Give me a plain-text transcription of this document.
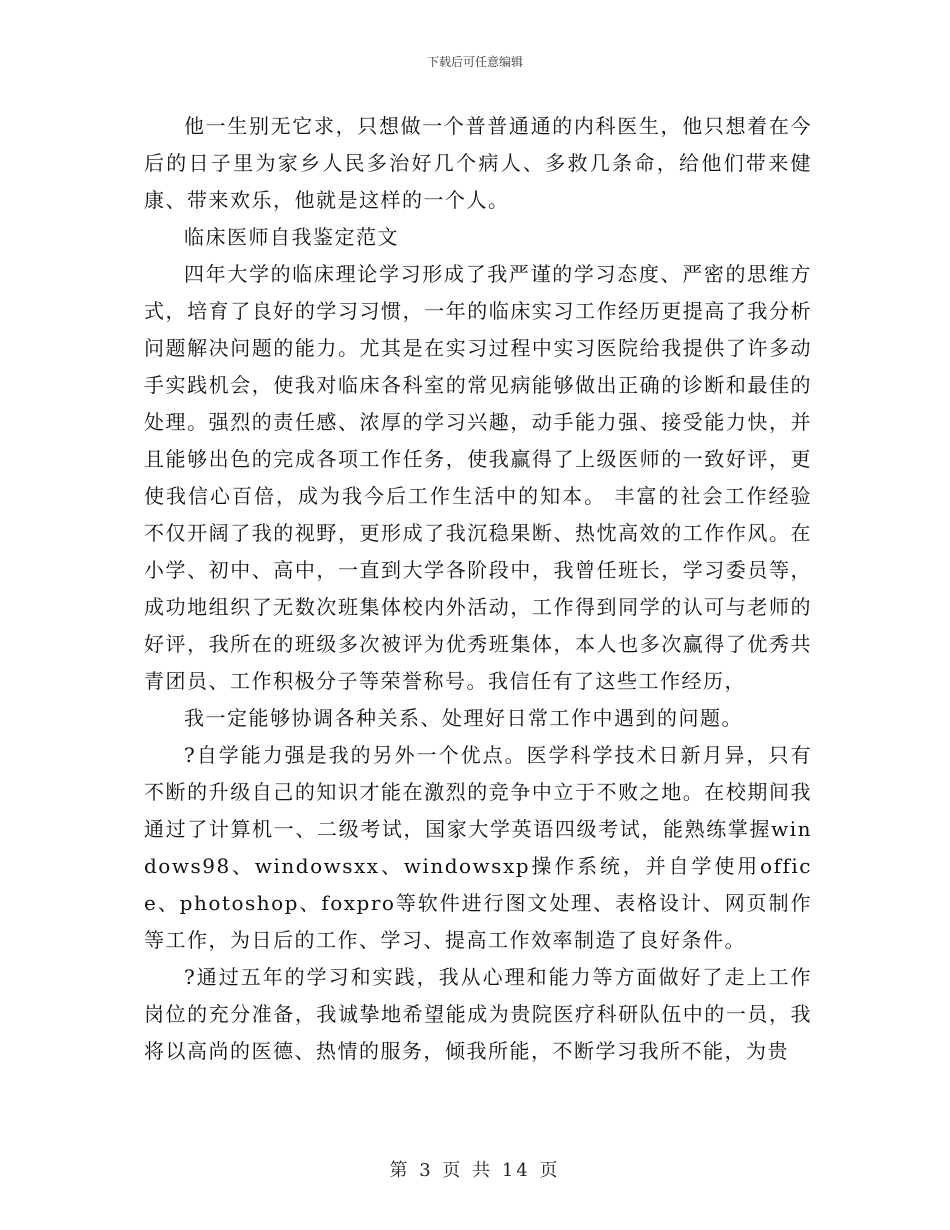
下载后可任意编辑

他一生别无它求，只想做一个普普通通的内科医生，他只想着在今后的日子里为家乡人民多治好几个病人、多救几条命，给他们带来健康、带来欢乐，他就是这样的一个人。

临床医师自我鉴定范文

四年大学的临床理论学习形成了我严谨的学习态度、严密的思维方式，培育了良好的学习习惯，一年的临床实习工作经历更提高了我分析问题解决问题的能力。尤其是在实习过程中实习医院给我提供了许多动手实践机会，使我对临床各科室的常见病能够做出正确的诊断和最佳的处理。强烈的责任感、浓厚的学习兴趣，动手能力强、接受能力快，并且能够出色的完成各项工作任务，使我赢得了上级医师的一致好评，更使我信心百倍，成为我今后工作生活中的知本。 丰富的社会工作经验不仅开阔了我的视野，更形成了我沉稳果断、热忱高效的工作作风。在小学、初中、高中，一直到大学各阶段中，我曾任班长，学习委员等，成功地组织了无数次班集体校内外活动，工作得到同学的认可与老师的好评，我所在的班级多次被评为优秀班集体，本人也多次赢得了优秀共青团员、工作积极分子等荣誉称号。我信任有了这些工作经历，

我一定能够协调各种关系、处理好日常工作中遇到的问题。

?自学能力强是我的另外一个优点。医学科学技术日新月异，只有不断的升级自己的知识才能在激烈的竞争中立于不败之地。在校期间我通过了计算机一、二级考试，国家大学英语四级考试，能熟练掌握windows98、windowsxx、windowsxp操作系统，并自学使用office、photoshop、foxpro等软件进行图文处理、表格设计、网页制作等工作，为日后的工作、学习、提高工作效率制造了良好条件。

?通过五年的学习和实践，我从心理和能力等方面做好了走上工作岗位的充分准备，我诚挚地希望能成为贵院医疗科研队伍中的一员，我将以高尚的医德、热情的服务，倾我所能，不断学习我所不能，为贵

第 3 页 共 14 页
